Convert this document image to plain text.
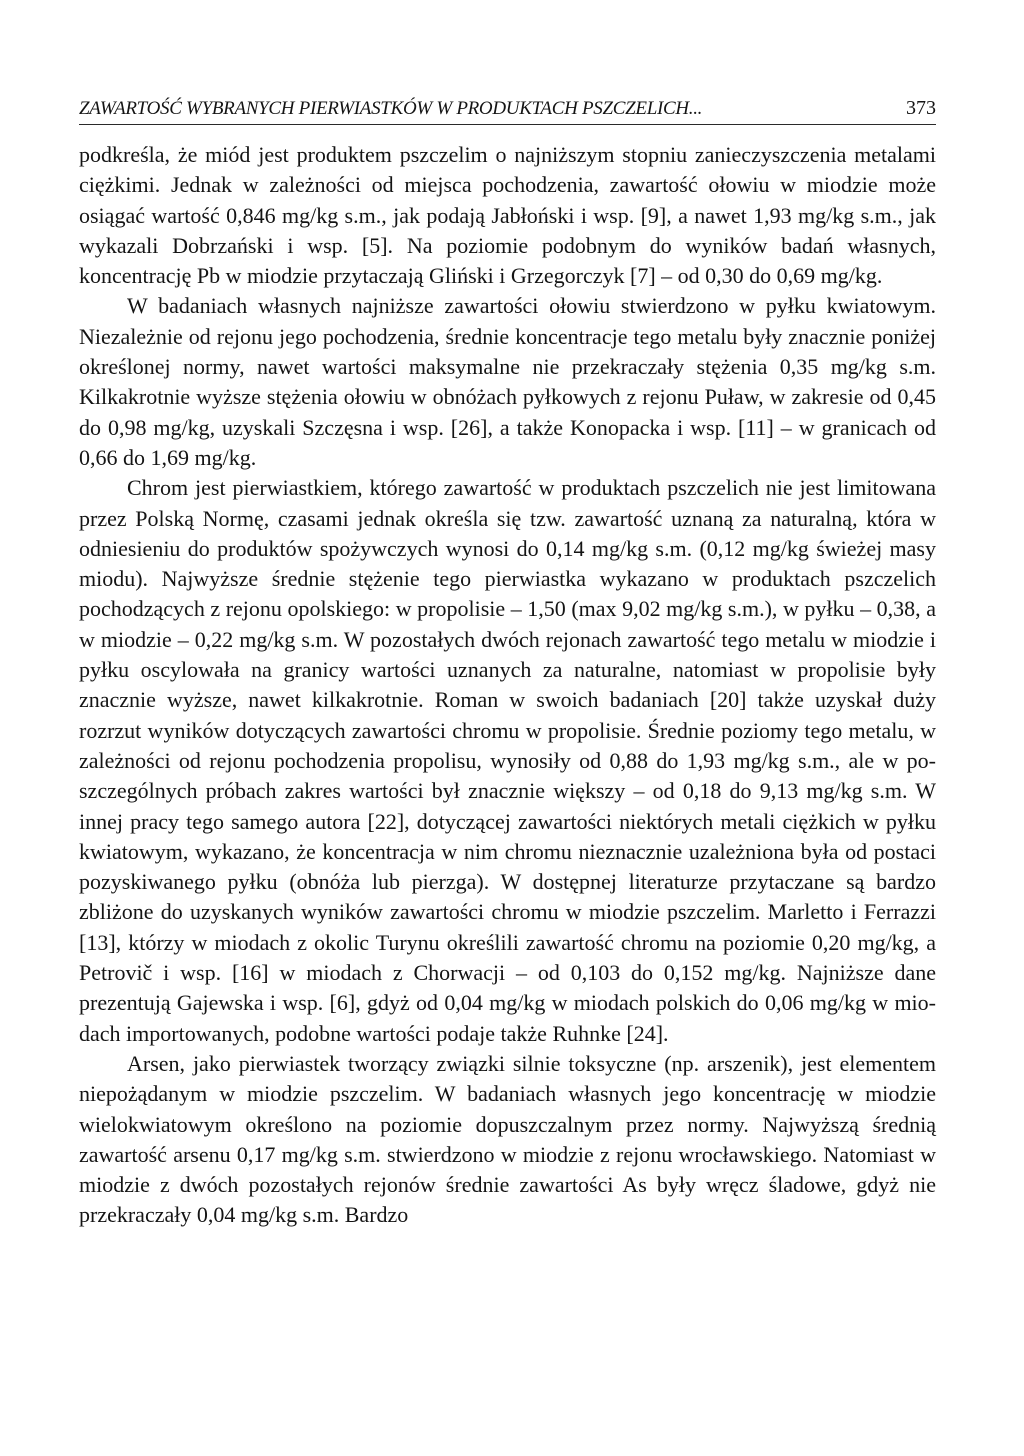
ZAWARTOŚĆ WYBRANYCH PIERWIASTKÓW W PRODUKTACH PSZCZELICH...	373

podkreśla, że miód jest produktem pszczelim o najniższym stopniu zanieczyszczenia metalami ciężkimi. Jednak w zależności od miejsca pochodzenia, zawartość ołowiu w miodzie może osiągać wartość 0,846 mg/kg s.m., jak podają Jabłoński i wsp. [9], a nawet 1,93 mg/kg s.m., jak wykazali Dobrzański i wsp. [5]. Na poziomie podobnym do wyników badań własnych, koncentrację Pb w miodzie przytaczają Gliński i Grzegorczyk [7] – od 0,30 do 0,69 mg/kg.

W badaniach własnych najniższe zawartości ołowiu stwierdzono w pyłku kwiatowym. Niezależnie od rejonu jego pochodzenia, średnie koncentracje tego metalu były znacznie poniżej określonej normy, nawet wartości maksymalne nie przekraczały stężenia 0,35 mg/kg s.m. Kilkakrotnie wyższe stężenia ołowiu w obnóżach pyłkowych z rejonu Puław, w zakresie od 0,45 do 0,98 mg/kg, uzyskali Szczęsna i wsp. [26], a także Konopacka i wsp. [11] – w granicach od 0,66 do 1,69 mg/kg.

Chrom jest pierwiastkiem, którego zawartość w produktach pszczelich nie jest limitowana przez Polską Normę, czasami jednak określa się tzw. zawartość uznaną za naturalną, która w odniesieniu do produktów spożywczych wynosi do 0,14 mg/kg s.m. (0,12 mg/kg świeżej masy miodu). Najwyższe średnie stężenie tego pierwiastka wykazano w produktach pszczelich pochodzących z rejonu opolskiego: w propolisie – 1,50 (max 9,02 mg/kg s.m.), w pyłku – 0,38, a w miodzie – 0,22 mg/kg s.m. W pozostałych dwóch rejonach zawartość tego metalu w miodzie i pyłku oscylowała na granicy wartości uznanych za naturalne, natomiast w propolisie były znacznie wyższe, nawet kilkakrotnie. Roman w swoich badaniach [20] także uzyskał duży rozrzut wyników dotyczących zawartości chromu w propolisie. Średnie poziomy tego metalu, w zależności od rejonu pochodzenia propolisu, wynosiły od 0,88 do 1,93 mg/kg s.m., ale w poszczególnych próbach zakres wartości był znacznie większy – od 0,18 do 9,13 mg/kg s.m. W innej pracy tego samego autora [22], dotyczącej zawartości niektórych metali ciężkich w pyłku kwiatowym, wykazano, że koncentracja w nim chromu nieznacznie uzależniona była od postaci pozyskiwanego pyłku (obnóża lub pierzga). W dostępnej literaturze przytaczane są bardzo zbliżone do uzyskanych wyników zawartości chromu w miodzie pszczelim. Marletto i Ferrazzi [13], którzy w miodach z okolic Turynu określili zawartość chromu na poziomie 0,20 mg/kg, a Petrovič i wsp. [16] w miodach z Chorwacji – od 0,103 do 0,152 mg/kg. Najniższe dane prezentują Gajewska i wsp. [6], gdyż od 0,04 mg/kg w miodach polskich do 0,06 mg/kg w miodach importowanych, podobne wartości podaje także Ruhnke [24].

Arsen, jako pierwiastek tworzący związki silnie toksyczne (np. arszenik), jest elementem niepożądanym w miodzie pszczelim. W badaniach własnych jego koncentrację w miodzie wielokwiatowym określono na poziomie dopuszczalnym przez normy. Najwyższą średnią zawartość arsenu 0,17 mg/kg s.m. stwierdzono w miodzie z rejonu wrocławskiego. Natomiast w miodzie z dwóch pozostałych rejonów średnie zawartości As były wręcz śladowe, gdyż nie przekraczały 0,04 mg/kg s.m. Bardzo
